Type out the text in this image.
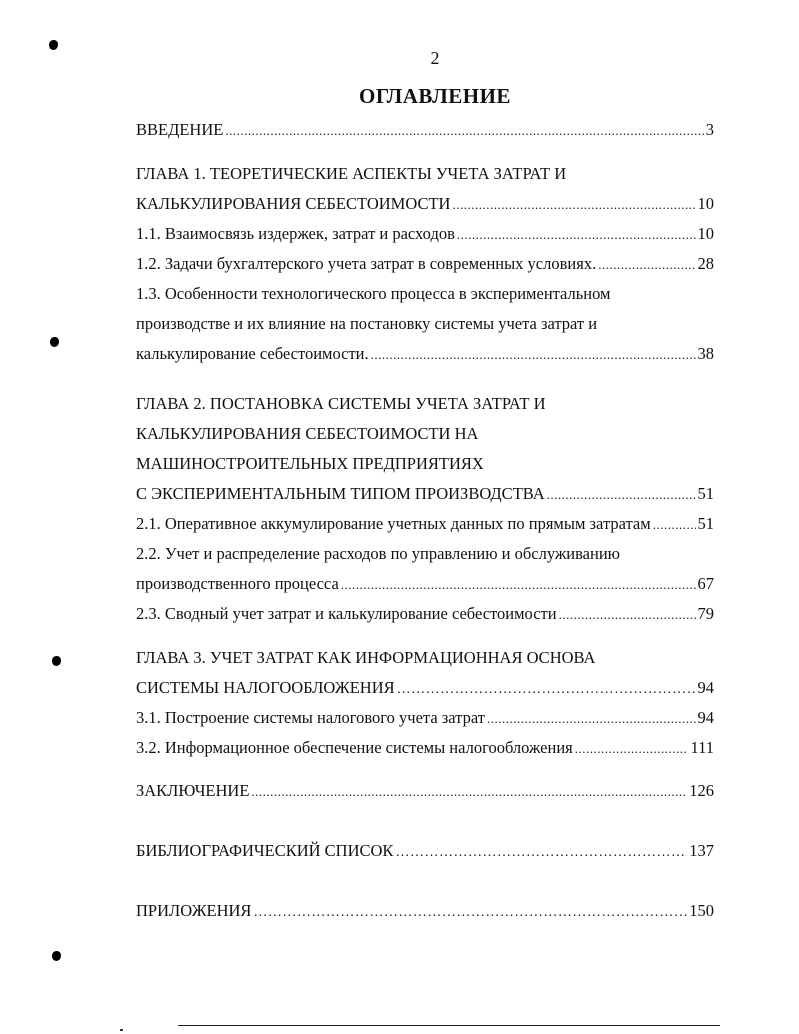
2
ОГЛАВЛЕНИЕ
ВВЕДЕНИЕ .....	3
ГЛАВА 1. ТЕОРЕТИЧЕСКИЕ АСПЕКТЫ УЧЕТА ЗАТРАТ И
КАЛЬКУЛИРОВАНИЯ СЕБЕСТОИМОСТИ .....	10
1.1. Взаимосвязь издержек, затрат и расходов .....	10
1.2. Задачи бухгалтерского учета затрат в современных условиях. .....	28
1.3. Особенности технологического процесса в экспериментальном
производстве и их влияние на постановку системы учета затрат и
калькулирование себестоимости. .....	38
ГЛАВА 2. ПОСТАНОВКА СИСТЕМЫ УЧЕТА ЗАТРАТ И
КАЛЬКУЛИРОВАНИЯ СЕБЕСТОИМОСТИ НА
МАШИНОСТРОИТЕЛЬНЫХ ПРЕДПРИЯТИЯХ
С ЭКСПЕРИМЕНТАЛЬНЫМ ТИПОМ ПРОИЗВОДСТВА .....	51
2.1. Оперативное аккумулирование учетных данных по прямым затратам .....	51
2.2. Учет и распределение расходов по управлению и обслуживанию
производственного процесса .....	67
2.3. Сводный учет затрат и калькулирование себестоимости .....	79
ГЛАВА 3. УЧЕТ ЗАТРАТ КАК ИНФОРМАЦИОННАЯ ОСНОВА
СИСТЕМЫ НАЛОГООБЛОЖЕНИЯ …………………………………………………………………………………………………………………………………………………………………………………………………………………………	94
3.1. Построение системы налогового учета затрат .....	94
3.2. Информационное обеспечение системы налогообложения .....	111
ЗАКЛЮЧЕНИЕ .....	126
БИБЛИОГРАФИЧЕСКИЙ СПИСОК …………………………………………………………………………………………………………………………………………………………………………………………………………………………	137
ПРИЛОЖЕНИЯ …………………………………………………………………………………………………………………………………………………………………………………………………………………………	150
